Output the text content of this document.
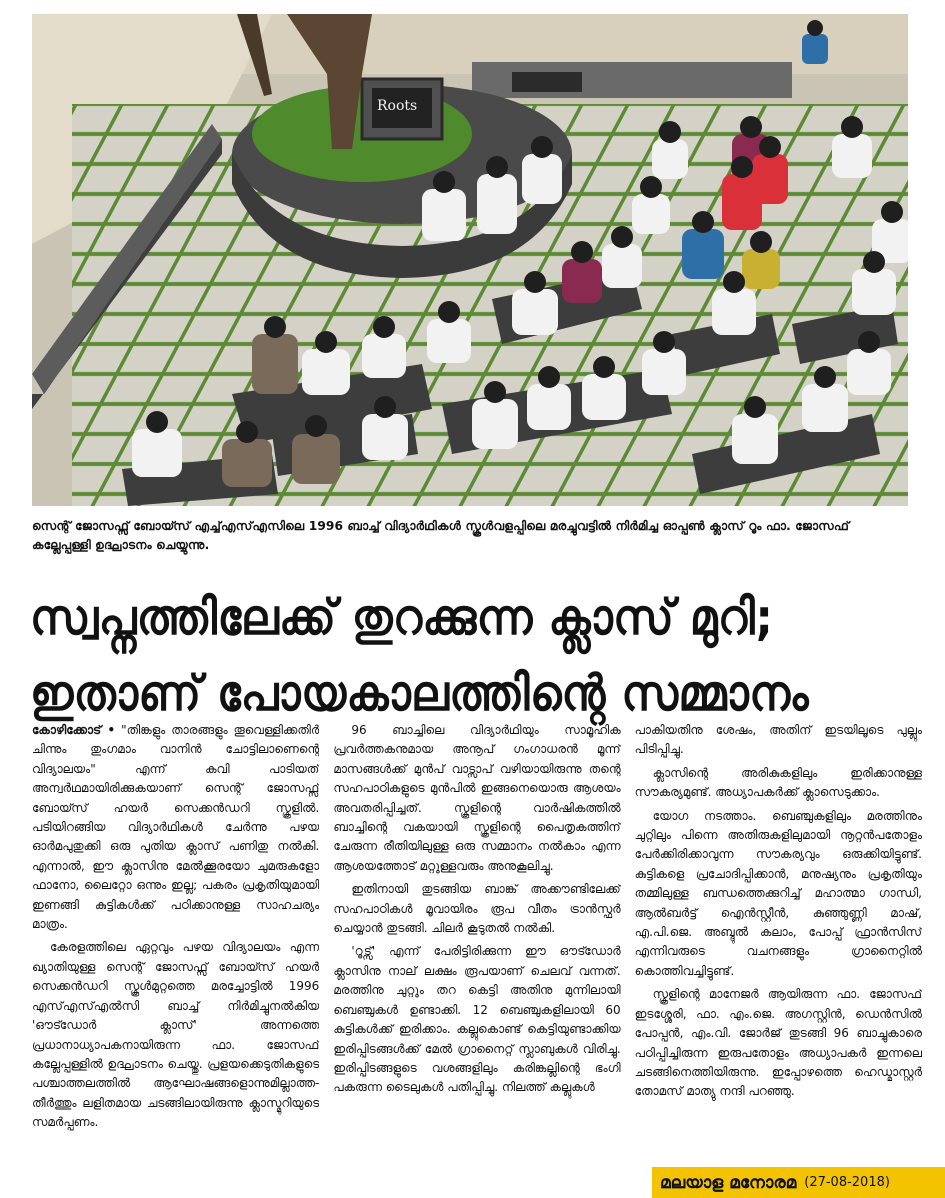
Roots
സെന്റ് ജോസഫ്സ് ബോയ്സ് എച്ച്എസ്എസിലെ 1996 ബാച്ച് വിദ്യാർഥികൾ സ്കൂൾവളപ്പിലെ മരച്ചുവട്ടിൽ നിർമിച്ച ഓപ്പൺ ക്ലാസ് റൂം ഫാ. ജോസഫ് കല്ലേപ്പള്ളി ഉദ്ഘാടനം ചെയ്യുന്നു.
സ്വപ്നത്തിലേക്ക് തുറക്കുന്ന ക്ലാസ് മുറി;
ഇതാണ് പോയകാലത്തിന്റെ സമ്മാനം

കോഴിക്കോട് • "തിങ്കളും താരങ്ങളും തൂവെള്ളിക്കതിർ ചിന്നും തുംഗമാം വാനിൻ ചോട്ടിലാണെന്റെ വിദ്യാലയം" എന്ന് കവി പാടിയത് അന്വർഥമായിരിക്കുകയാണ് സെന്റ് ജോസഫ്സ് ബോയ്സ് ഹയർ സെക്കൻഡറി സ്കൂളിൽ. പടിയിറങ്ങിയ വിദ്യാർഥികൾ ചേർന്നു പഴയ ഓർമപുതുക്കി ഒരു പുതിയ ക്ലാസ് പണിതു നൽകി. എന്നാൽ, ഈ ക്ലാസിനു മേൽക്കൂരയോ ചുമരുകളോ ഫാനോ, ലൈറ്റോ ഒന്നും ഇല്ല; പകരം പ്രകൃതിയുമായി ഇണങ്ങി കുട്ടികൾക്ക് പഠിക്കാനുള്ള സാഹചര്യം മാത്രം.

കേരളത്തിലെ ഏറ്റവും പഴയ വിദ്യാലയം എന്ന ഖ്യാതിയുള്ള സെന്റ് ജോസഫ്സ് ബോയ്സ് ഹയർ സെക്കൻഡറി സ്കൂൾമുറ്റത്തെ മരച്ചോട്ടിൽ 1996 എസ്എസ്എൽസി ബാച്ച് നിർമിച്ചുനൽകിയ 'ഔട്ഡോർ ക്ലാസ്' അന്നത്തെ പ്രധാനാധ്യാപകനായിരുന്ന ഫാ. ജോസഫ് കല്ലേപ്പള്ളിൽ ഉദ്ഘാടനം ചെയ്തു. പ്രളയക്കെടുതികളുടെ പശ്ചാത്തലത്തിൽ ആഘോഷങ്ങളൊന്നുമില്ലാത്ത- തീർത്തും ലളിതമായ ചടങ്ങിലായിരുന്നു ക്ലാസ്മുറിയുടെ സമർപ്പണം.

96 ബാച്ചിലെ വിദ്യാർഥിയും സാമൂഹിക പ്രവർത്തകനുമായ അനൂപ് ഗംഗാധരൻ മൂന്ന് മാസങ്ങൾക്ക് മുൻപ് വാട്സാപ് വഴിയായിരുന്നു തന്റെ സഹപാഠികളുടെ മുൻപിൽ ഇങ്ങനെയൊരു ആശയം അവതരിപ്പിച്ചത്. സ്കൂളിന്റെ വാർഷികത്തിൽ ബാച്ചിന്റെ വകയായി സ്കൂളിന്റെ പൈതൃകത്തിന് ചേരുന്ന രീതിയിലുള്ള ഒരു സമ്മാനം നൽകാം എന്ന ആശയത്തോട് മറ്റുള്ളവരും അനുകൂലിച്ചു.

ഇതിനായി തുടങ്ങിയ ബാങ്ക് അക്കൗണ്ടിലേക്ക് സഹപാഠികൾ മൂവായിരം രൂപ വീതം ട്രാൻസ്ഫർ ചെയ്യാൻ തുടങ്ങി. ചിലർ കൂടുതൽ നൽകി.

'റൂട്സ്' എന്ന് പേരിട്ടിരിക്കുന്ന ഈ ഔട്ഡോർ ക്ലാസിനു നാല് ലക്ഷം രൂപയാണ് ചെലവ് വന്നത്. മരത്തിനു ചുറ്റും തറ കെട്ടി അതിനു മുന്നിലായി ബെഞ്ചുകൾ ഉണ്ടാക്കി. 12 ബെഞ്ചുകളിലായി 60 കുട്ടികൾക്ക് ഇരിക്കാം. കല്ലുകൊണ്ട് കെട്ടിയുണ്ടാക്കിയ ഇരിപ്പിടങ്ങൾക്ക് മേൽ ഗ്രാനൈറ്റ് സ്ലാബുകൾ വിരിച്ചു. ഇരിപ്പിടങ്ങളുടെ വശങ്ങളിലും കരിങ്കല്ലിന്റെ ഭംഗി പകരുന്ന ടൈലുകൾ പതിപ്പിച്ചു. നിലത്ത് കല്ലുകൾ

പാകിയതിനു ശേഷം, അതിന് ഇടയിലൂടെ പുല്ലും പിടിപ്പിച്ചു.

ക്ലാസിന്റെ അരികുകളിലും ഇരിക്കാനുള്ള സൗകര്യമുണ്ട്. അധ്യാപകർക്ക് ക്ലാസെടുക്കാം.

യോഗ നടത്താം. ബെഞ്ചുകളിലും മരത്തിനും ചുറ്റിലും പിന്നെ അതിരുകളിലുമായി നൂറ്റൻപതോളം പേർക്കിരിക്കാവുന്ന സൗകര്യവും ഒരുക്കിയിട്ടുണ്ട്. കുട്ടികളെ പ്രചോദിപ്പിക്കാൻ, മനുഷ്യനും പ്രകൃതിയും തമ്മിലുള്ള ബന്ധത്തെക്കുറിച്ച് മഹാത്മാ ഗാന്ധി, ആൽബർട്ട് ഐൻസ്റ്റീൻ, കുഞ്ഞുണ്ണി മാഷ്, എ.പി.ജെ. അബ്ദുൽ കലാം, പോപ്പ് ഫ്രാൻസിസ് എന്നിവരുടെ വചനങ്ങളും ഗ്രാനൈറ്റിൽ കൊത്തിവച്ചിട്ടുണ്ട്.

സ്കൂളിന്റെ മാനേജർ ആയിരുന്ന ഫാ. ജോസഫ് ഇടശ്ശേരി, ഫാ. എം.ജെ. അഗസ്റ്റിൻ, ഡെൻസിൽ പോപ്പൻ, എം.വി. ജോർജ് തുടങ്ങി 96 ബാച്ചുകാരെ പഠിപ്പിച്ചിരുന്ന ഇരുപതോളം അധ്യാപകർ ഇന്നലെ ചടങ്ങിനെത്തിയിരുന്നു. ഇപ്പോഴത്തെ ഹെഡ്മാസ്റ്റർ തോമസ് മാത്യു നന്ദി പറഞ്ഞു.

മലയാള മനോരമ (27-08-2018)
